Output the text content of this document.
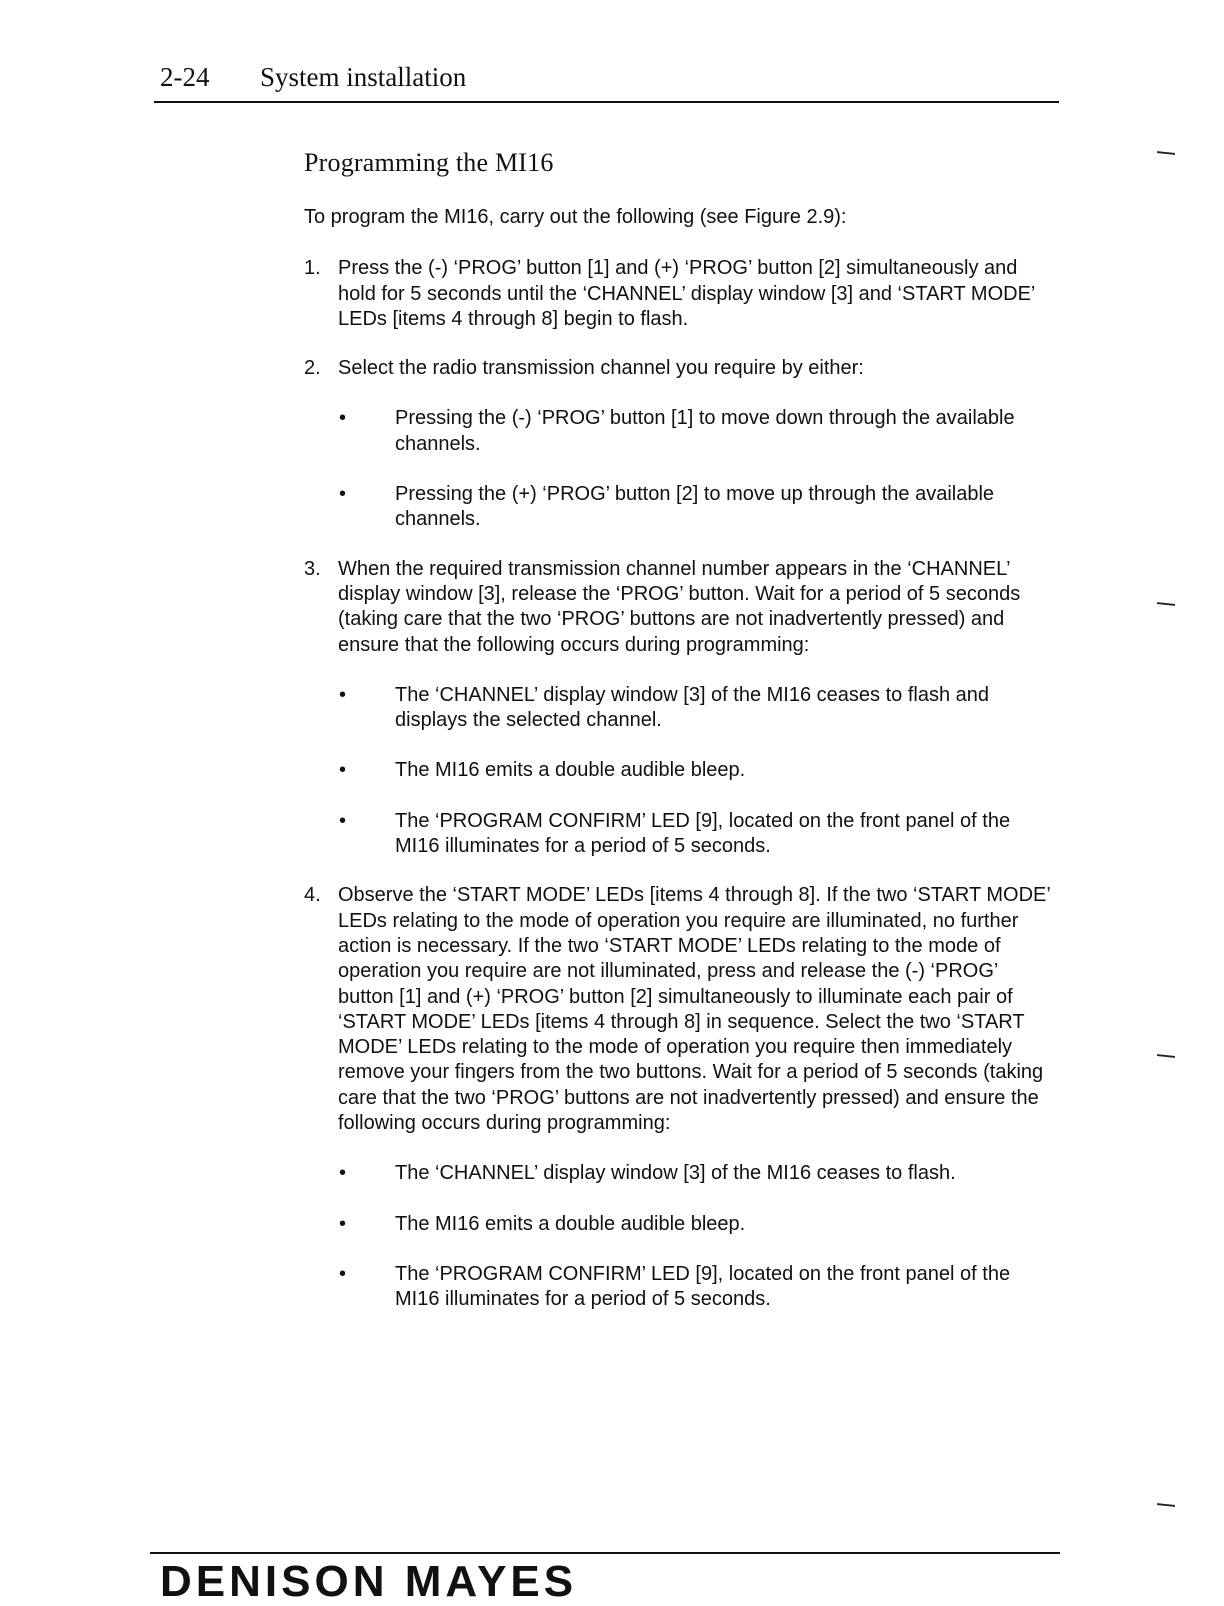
2-24 System installation
Programming the MI16

To program the MI16, carry out the following (see Figure 2.9):

1. Press the (-) ‘PROG’ button [1] and (+) ‘PROG’ button [2] simultaneously and hold for 5 seconds until the ‘CHANNEL’ display window [3] and ‘START MODE’ LEDs [items 4 through 8] begin to flash.

2. Select the radio transmission channel you require by either:

• Pressing the (-) ‘PROG’ button [1] to move down through the available channels.
• Pressing the (+) ‘PROG’ button [2] to move up through the available channels.
3. When the required transmission channel number appears in the ‘CHANNEL’ display window [3], release the ‘PROG’ button. Wait for a period of 5 seconds (taking care that the two ‘PROG’ buttons are not inadvertently pressed) and ensure that the following occurs during programming:

• The ‘CHANNEL’ display window [3] of the MI16 ceases to flash and displays the selected channel.
• The MI16 emits a double audible bleep.
• The ‘PROGRAM CONFIRM’ LED [9], located on the front panel of the MI16 illuminates for a period of 5 seconds.
4. Observe the ‘START MODE’ LEDs [items 4 through 8]. If the two ‘START MODE’ LEDs relating to the mode of operation you require are illuminated, no further action is necessary. If the two ‘START MODE’ LEDs relating to the mode of operation you require are not illuminated, press and release the (-) ‘PROG’ button [1] and (+) ‘PROG’ button [2] simultaneously to illuminate each pair of ‘START MODE’ LEDs [items 4 through 8] in sequence. Select the two ‘START MODE’ LEDs relating to the mode of operation you require then immediately remove your fingers from the two buttons. Wait for a period of 5 seconds (taking care that the two ‘PROG’ buttons are not inadvertently pressed) and ensure the following occurs during programming:

• The ‘CHANNEL’ display window [3] of the MI16 ceases to flash.
• The MI16 emits a double audible bleep.
• The ‘PROGRAM CONFIRM’ LED [9], located on the front panel of the MI16 illuminates for a period of 5 seconds.
DENISON MAYES
